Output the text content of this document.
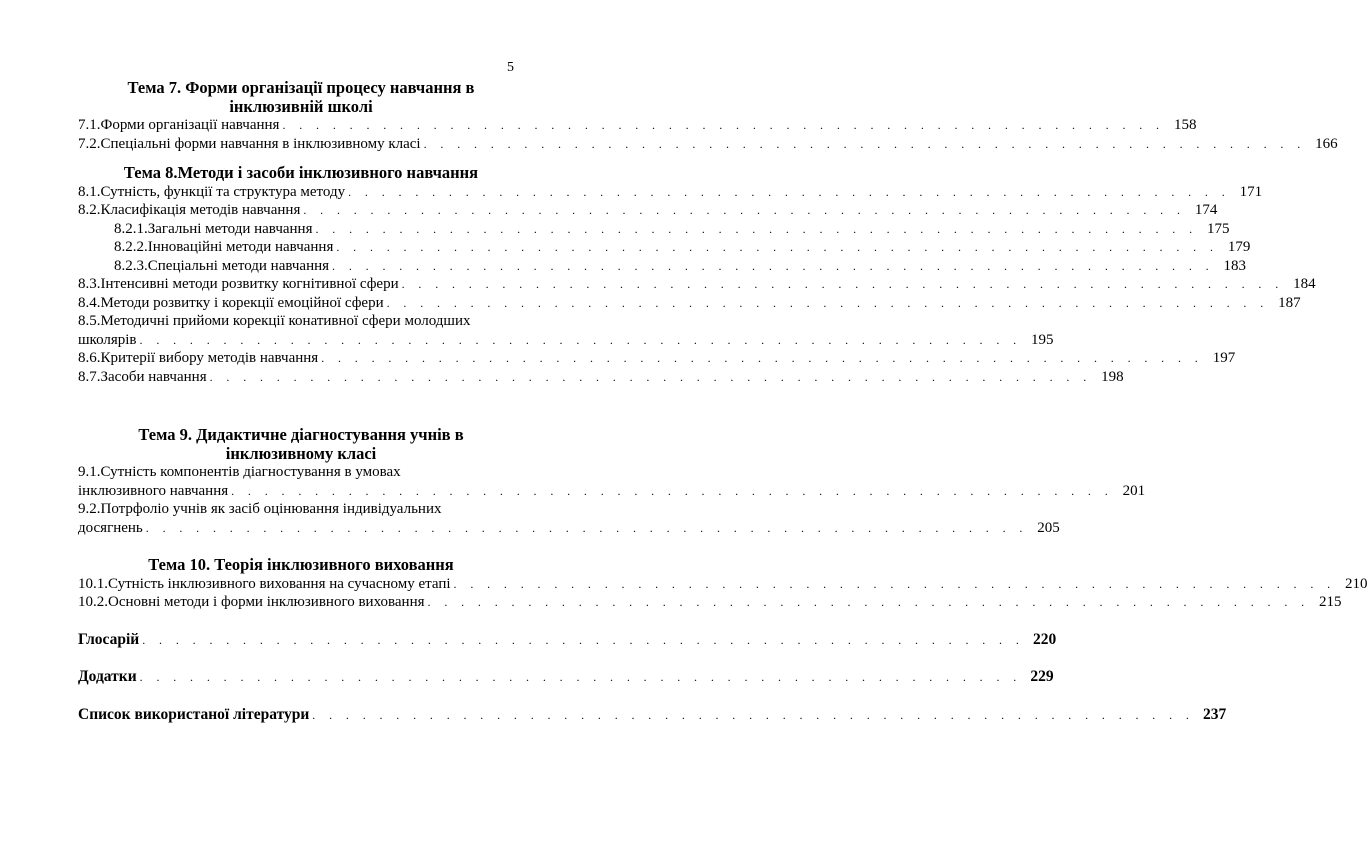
5
Тема 7. Форми організації процесу навчання в
інклюзивній школі
7.1.Форми організації навчання . . . . . . . . . . . . . . . . . . . . . . . . . . . . . . . . . . . . . . . . . . . . . . . . . . . . . 158
7.2.Спеціальні форми навчання в інклюзивному класі . . . . . . . . . . . . . . . . . . . . . . . . . . . . . . . . . . . . . . . . . . . . . . . . . . . . . 166
Тема 8.Методи і засоби інклюзивного навчання
8.1.Сутність, функції та структура методу . . . . . . . . . . . . . . . . . . . . . . . . . . . . . . . . . . . . . . . . . . . . . . . . . . . . . 171
8.2.Класифікація методів навчання . . . . . . . . . . . . . . . . . . . . . . . . . . . . . . . . . . . . . . . . . . . . . . . . . . . . . 174
8.2.1.Загальні методи навчання . . . . . . . . . . . . . . . . . . . . . . . . . . . . . . . . . . . . . . . . . . . . . . . . . . . . . 175
8.2.2.Інноваційні методи навчання . . . . . . . . . . . . . . . . . . . . . . . . . . . . . . . . . . . . . . . . . . . . . . . . . . . . . 179
8.2.3.Спеціальні методи навчання . . . . . . . . . . . . . . . . . . . . . . . . . . . . . . . . . . . . . . . . . . . . . . . . . . . . . 183
8.3.Інтенсивні методи розвитку когнітивної сфери . . . . . . . . . . . . . . . . . . . . . . . . . . . . . . . . . . . . . . . . . . . . . . . . . . . . . 184
8.4.Методи розвитку і корекції емоційної сфери . . . . . . . . . . . . . . . . . . . . . . . . . . . . . . . . . . . . . . . . . . . . . . . . . . . . . 187
8.5.Методичні прийоми корекції конативної сфери молодших
школярів . . . . . . . . . . . . . . . . . . . . . . . . . . . . . . . . . . . . . . . . . . . . . . . . . . . . . 195
8.6.Критерії вибору методів навчання . . . . . . . . . . . . . . . . . . . . . . . . . . . . . . . . . . . . . . . . . . . . . . . . . . . . . 197
8.7.Засоби навчання . . . . . . . . . . . . . . . . . . . . . . . . . . . . . . . . . . . . . . . . . . . . . . . . . . . . . 198
Тема 9. Дидактичне діагностування учнів в
інклюзивному класі
9.1.Сутність компонентів діагностування в умовах
інклюзивного навчання . . . . . . . . . . . . . . . . . . . . . . . . . . . . . . . . . . . . . . . . . . . . . . . . . . . . . 201
9.2.Потрфоліо учнів як засіб оцінювання індивідуальних
досягнень . . . . . . . . . . . . . . . . . . . . . . . . . . . . . . . . . . . . . . . . . . . . . . . . . . . . . 205
Тема 10. Теорія інклюзивного виховання
10.1.Сутність інклюзивного виховання на сучасному етапі . . . . . . . . . . . . . . . . . . . . . . . . . . . . . . . . . . . . . . . . . . . . . . . . . . . . . 210
10.2.Основні методи і форми інклюзивного виховання . . . . . . . . . . . . . . . . . . . . . . . . . . . . . . . . . . . . . . . . . . . . . . . . . . . . . 215
Глосарій . . . . . . . . . . . . . . . . . . . . . . . . . . . . . . . . . . . . . . . . . . . . . . . . . . . . . 220
Додатки . . . . . . . . . . . . . . . . . . . . . . . . . . . . . . . . . . . . . . . . . . . . . . . . . . . . . 229
Список використаної літератури . . . . . . . . . . . . . . . . . . . . . . . . . . . . . . . . . . . . . . . . . . . . . . . . . . . . . 237
